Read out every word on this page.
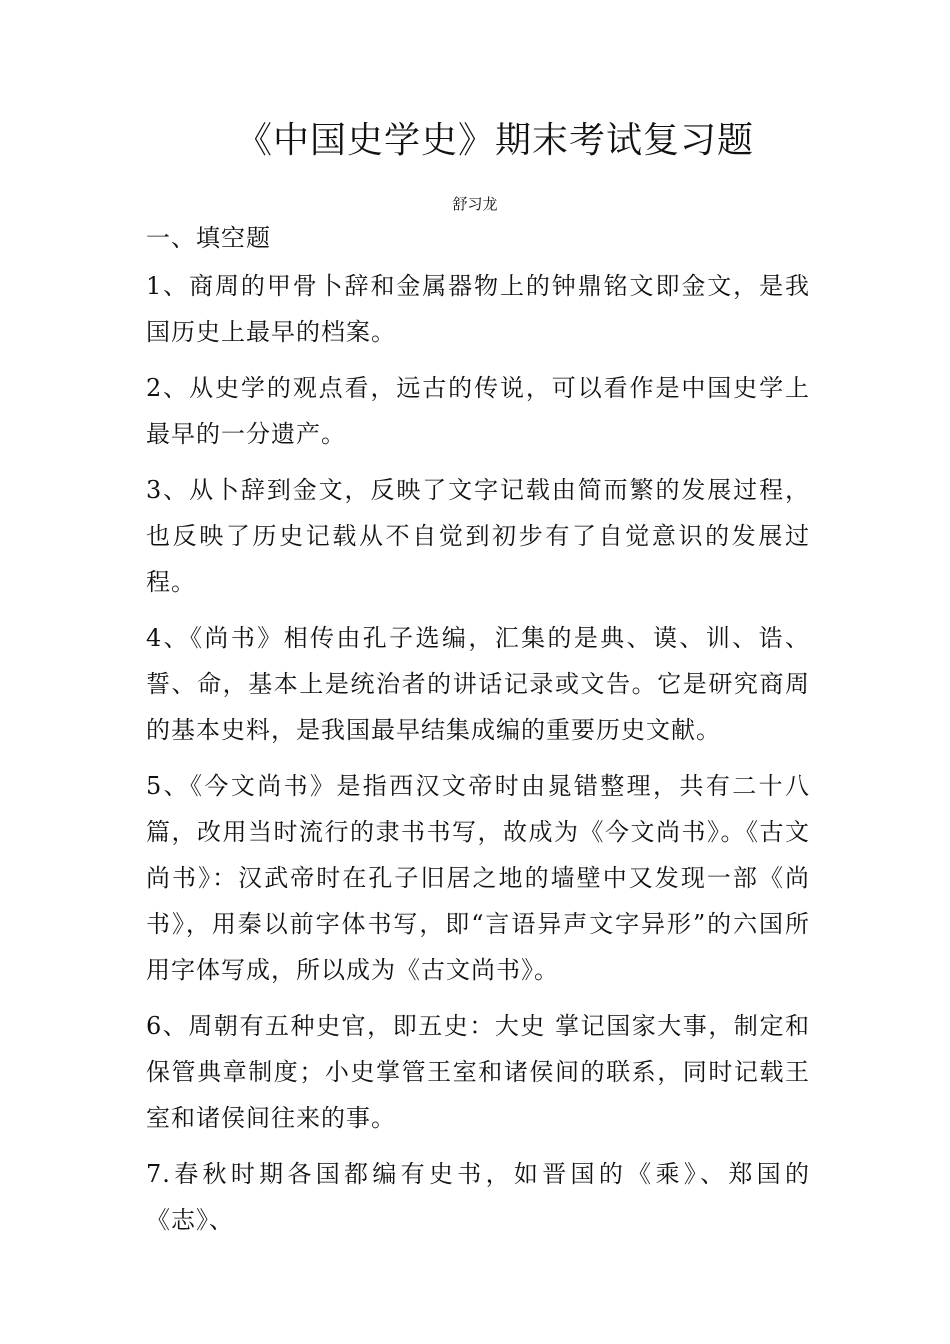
《中国史学史》期末考试复习题
舒习龙
一、填空题

1、商周的甲骨卜辞和金属器物上的钟鼎铭文即金文，是我国历史上最早的档案。

2、从史学的观点看，远古的传说，可以看作是中国史学上最早的一分遗产。

3、从卜辞到金文，反映了文字记载由简而繁的发展过程，也反映了历史记载从不自觉到初步有了自觉意识的发展过程。

4、《尚书》相传由孔子选编，汇集的是典、谟、训、诰、誓、命，基本上是统治者的讲话记录或文告。它是研究商周的基本史料，是我国最早结集成编的重要历史文献。

5、《今文尚书》是指西汉文帝时由晁错整理，共有二十八篇，改用当时流行的隶书书写，故成为《今文尚书》。《古文尚书》：汉武帝时在孔子旧居之地的墙壁中又发现一部《尚书》，用秦以前字体书写，即“言语异声文字异形”的六国所用字体写成，所以成为《古文尚书》。

6、周朝有五种史官，即五史：大史 掌记国家大事，制定和保管典章制度；小史掌管王室和诸侯间的联系，同时记载王室和诸侯间往来的事。

7.春秋时期各国都编有史书，如晋国的《乘》、郑国的《志》、
